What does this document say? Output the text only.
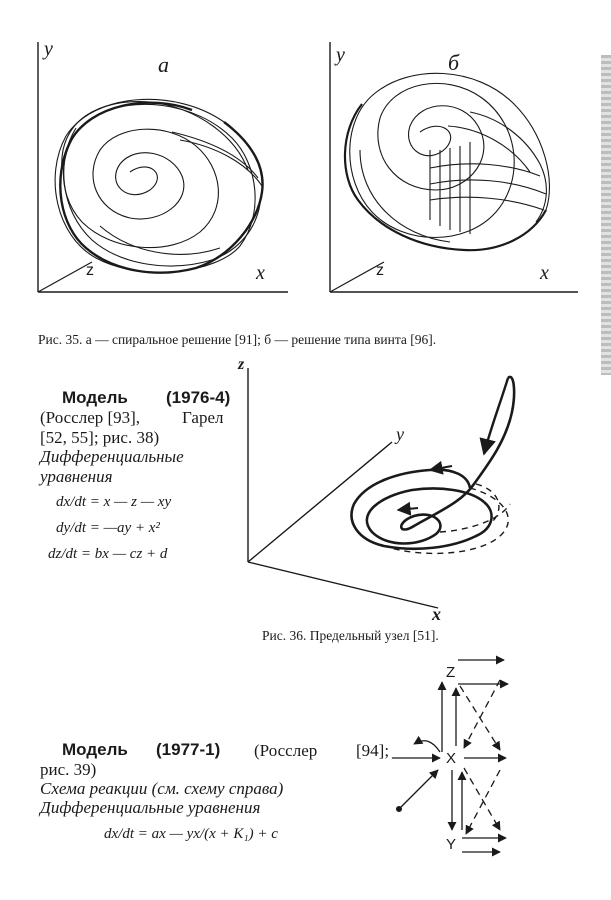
y
а
x
z
y	б
x
z
Рис. 35. а — спиральное решение [91]; б — решение типа винта [96].
Модель (1976-4)
(Росслер [93], Гарел
[52, 55]; рис. 38)
Дифференциальные уравнения
dx/dt = x — z — xy
dy/dt = —ay + x²
dz/dt = bx — cz + d
z
y
x
Рис. 36. Предельный узел [51].
Z
X
Y
Модель (1977-1) (Росслер [94];
рис. 39)
Схема реакции (см. схему справа)
Дифференциальные уравнения
dx/dt = ax — yx/(x + K₁) + c
